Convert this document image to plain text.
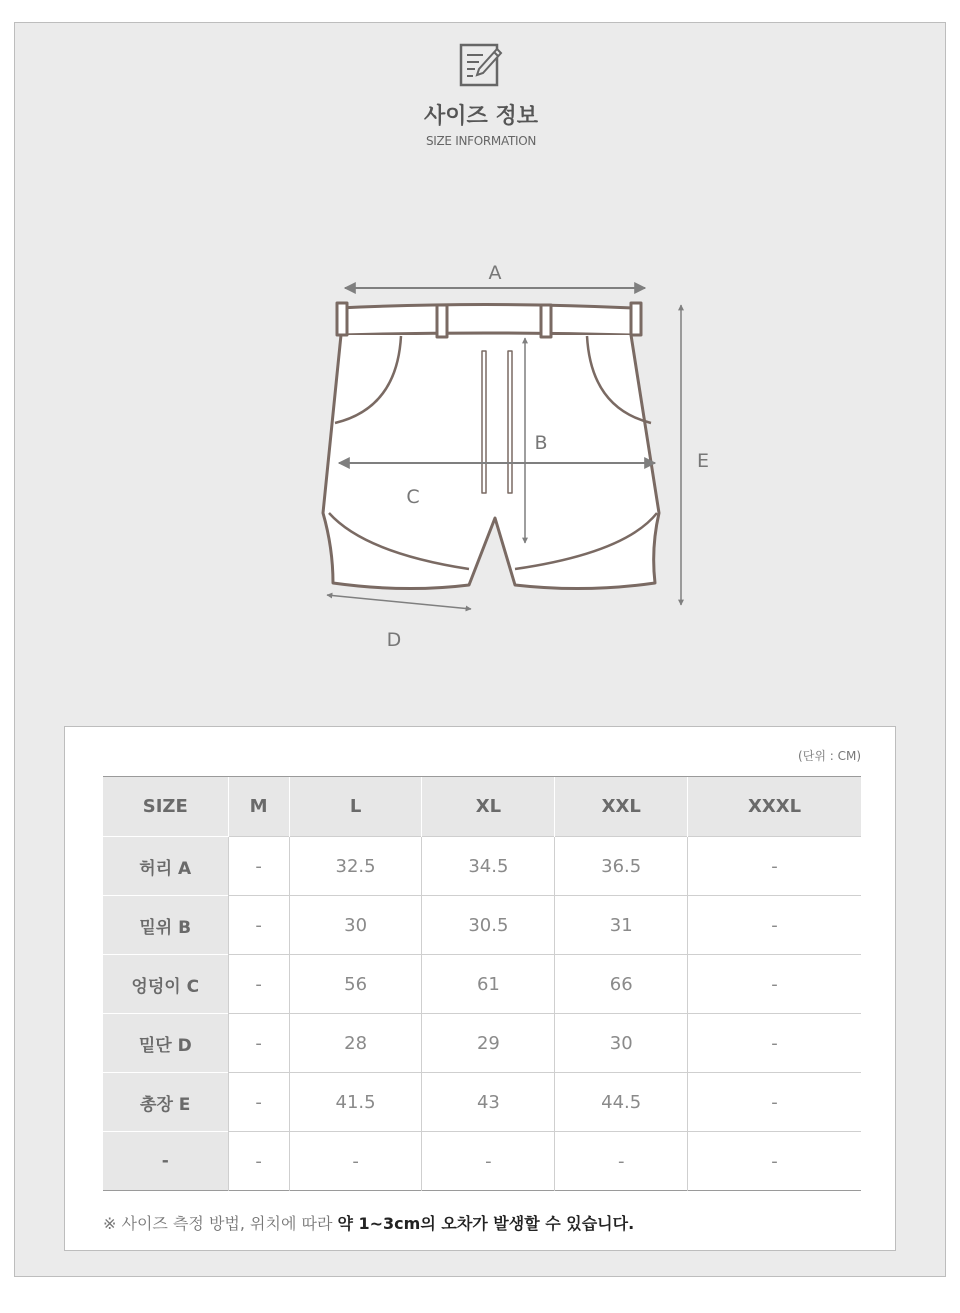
사이즈 정보
SIZE INFORMATION
A
B
C
D
E
(단위 : CM)
SIZE	M	L	XL	XXL	XXXL
허리 A	-	32.5	34.5	36.5	-
밑위 B	-	30	30.5	31	-
엉덩이 C	-	56	61	66	-
밑단 D	-	28	29	30	-
총장 E	-	41.5	43	44.5	-
-	-	-	-	-	-
※ 사이즈 측정 방법, 위치에 따라 약 1~3cm의 오차가 발생할 수 있습니다.
